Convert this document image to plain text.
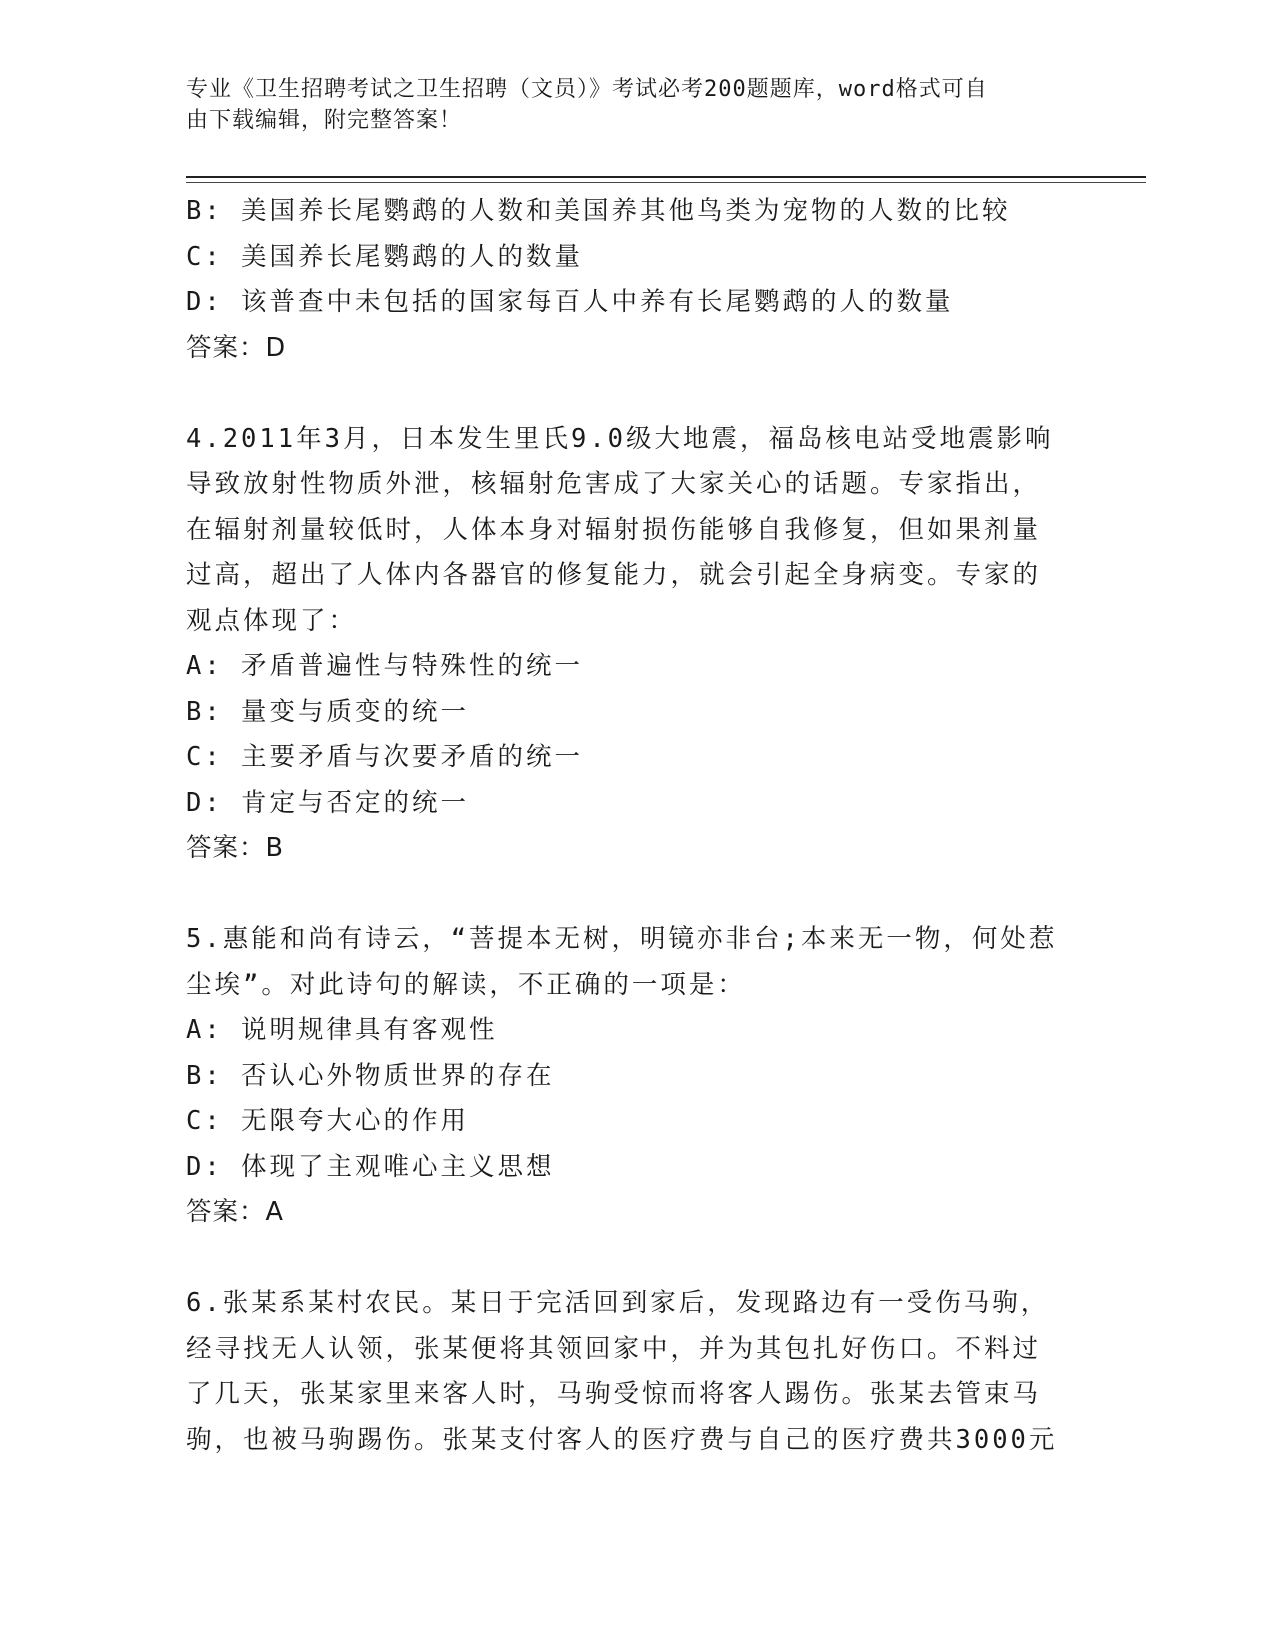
专业《卫生招聘考试之卫生招聘（文员）》考试必考200题题库，word格式可自
由下载编辑，附完整答案！
B: 美国养长尾鹦鹉的人数和美国养其他鸟类为宠物的人数的比较
C: 美国养长尾鹦鹉的人的数量
D: 该普查中未包括的国家每百人中养有长尾鹦鹉的人的数量
答案：D
4.2011年3月，日本发生里氏9.0级大地震，福岛核电站受地震影响
导致放射性物质外泄，核辐射危害成了大家关心的话题。专家指出，
在辐射剂量较低时，人体本身对辐射损伤能够自我修复，但如果剂量
过高，超出了人体内各器官的修复能力，就会引起全身病变。专家的
观点体现了：
A: 矛盾普遍性与特殊性的统一
B: 量变与质变的统一
C: 主要矛盾与次要矛盾的统一
D: 肯定与否定的统一
答案：B
5.惠能和尚有诗云，“菩提本无树，明镜亦非台;本来无一物，何处惹
尘埃”。对此诗句的解读，不正确的一项是：
A: 说明规律具有客观性
B: 否认心外物质世界的存在
C: 无限夸大心的作用
D: 体现了主观唯心主义思想
答案：A
6.张某系某村农民。某日于完活回到家后，发现路边有一受伤马驹，
经寻找无人认领，张某便将其领回家中，并为其包扎好伤口。不料过
了几天，张某家里来客人时，马驹受惊而将客人踢伤。张某去管束马
驹，也被马驹踢伤。张某支付客人的医疗费与自己的医疗费共3000元
